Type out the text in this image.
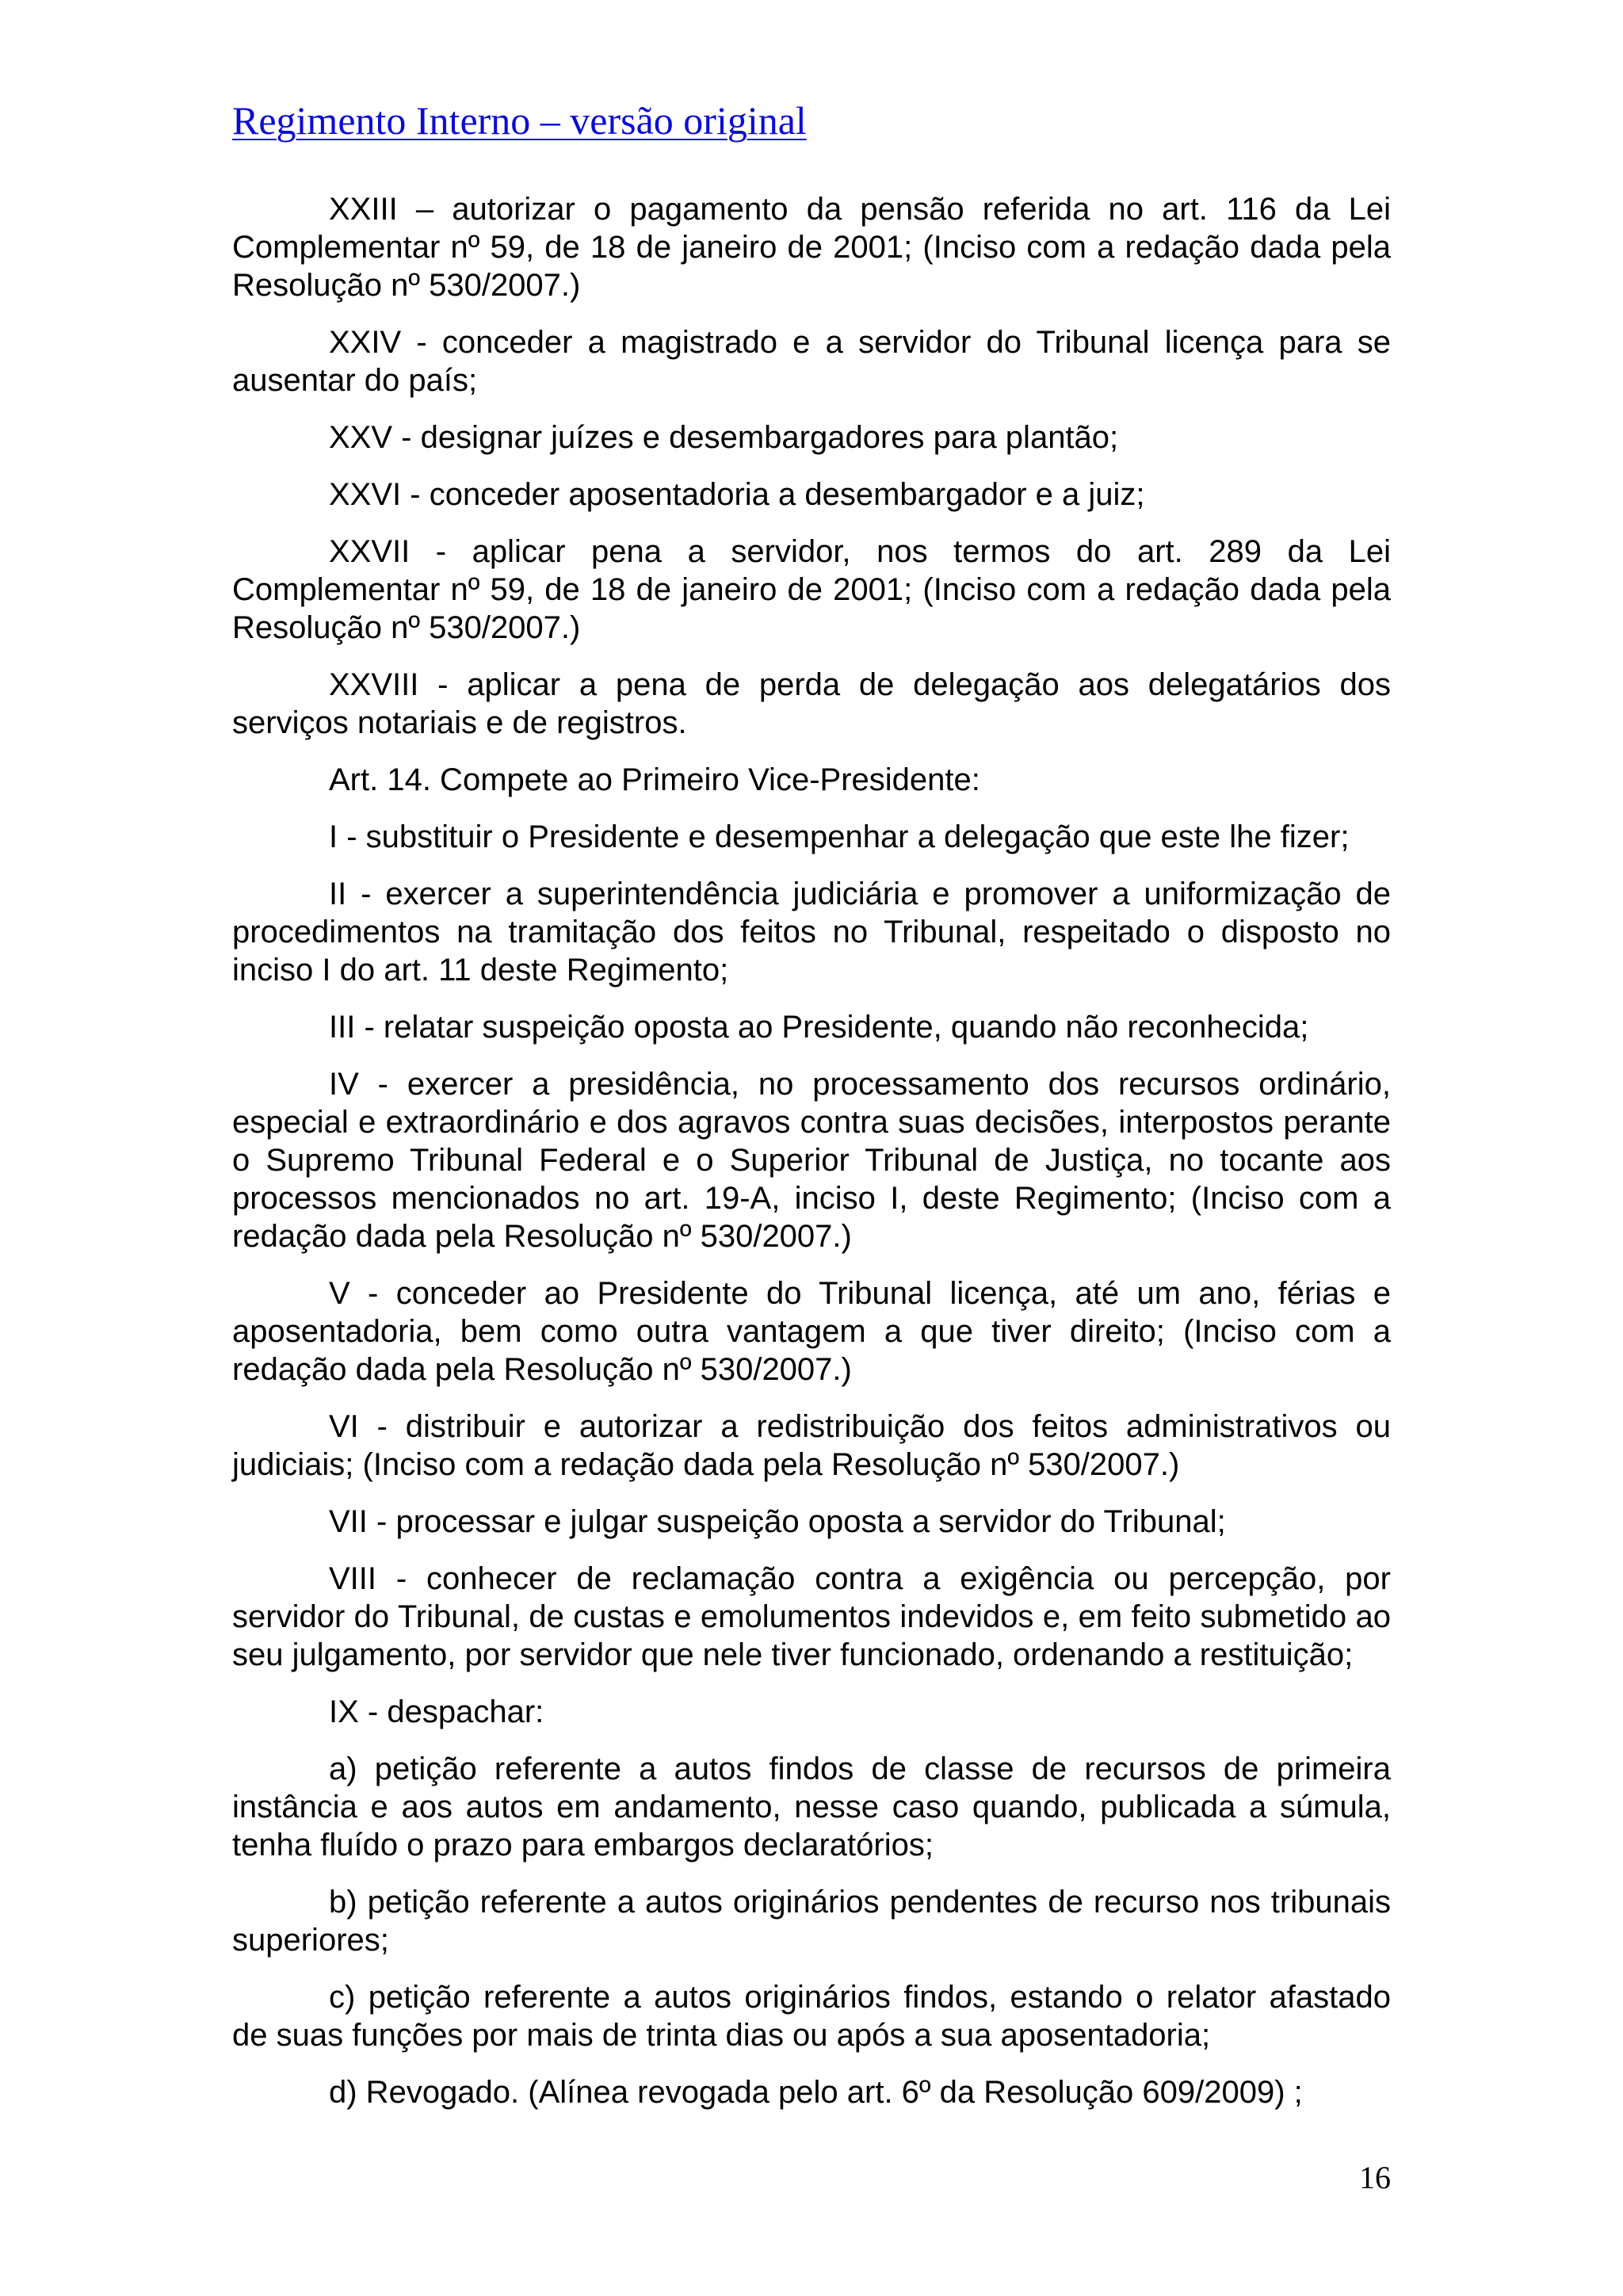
Regimento Interno – versão original

XXIII – autorizar o pagamento da pensão referida no art. 116 da Lei Complementar nº 59, de 18 de janeiro de 2001; (Inciso com a redação dada pela Resolução nº 530/2007.)

XXIV - conceder a magistrado e a servidor do Tribunal licença para se ausentar do país;

XXV - designar juízes e desembargadores para plantão;

XXVI - conceder aposentadoria a desembargador e a juiz;

XXVII - aplicar pena a servidor, nos termos do art. 289 da Lei Complementar nº 59, de 18 de janeiro de 2001; (Inciso com a redação dada pela Resolução nº 530/2007.)

XXVIII - aplicar a pena de perda de delegação aos delegatários dos serviços notariais e de registros.

Art. 14. Compete ao Primeiro Vice-Presidente:

I - substituir o Presidente e desempenhar a delegação que este lhe fizer;

II - exercer a superintendência judiciária e promover a uniformização de procedimentos na tramitação dos feitos no Tribunal, respeitado o disposto no inciso I do art. 11 deste Regimento;

III - relatar suspeição oposta ao Presidente, quando não reconhecida;

IV - exercer a presidência, no processamento dos recursos ordinário, especial e extraordinário e dos agravos contra suas decisões, interpostos perante o Supremo Tribunal Federal e o Superior Tribunal de Justiça, no tocante aos processos mencionados no art. 19-A, inciso I, deste Regimento; (Inciso com a redação dada pela Resolução nº 530/2007.)

V - conceder ao Presidente do Tribunal licença, até um ano, férias e aposentadoria, bem como outra vantagem a que tiver direito; (Inciso com a redação dada pela Resolução nº 530/2007.)

VI - distribuir e autorizar a redistribuição dos feitos administrativos ou judiciais; (Inciso com a redação dada pela Resolução nº 530/2007.)

VII - processar e julgar suspeição oposta a servidor do Tribunal;

VIII - conhecer de reclamação contra a exigência ou percepção, por servidor do Tribunal, de custas e emolumentos indevidos e, em feito submetido ao seu julgamento, por servidor que nele tiver funcionado, ordenando a restituição;

IX - despachar:

a) petição referente a autos findos de classe de recursos de primeira instância e aos autos em andamento, nesse caso quando, publicada a súmula, tenha fluído o prazo para embargos declaratórios;

b) petição referente a autos originários pendentes de recurso nos tribunais superiores;

c) petição referente a autos originários findos, estando o relator afastado de suas funções por mais de trinta dias ou após a sua aposentadoria;

d) Revogado. (Alínea revogada pelo art. 6º da Resolução 609/2009) ;

16
